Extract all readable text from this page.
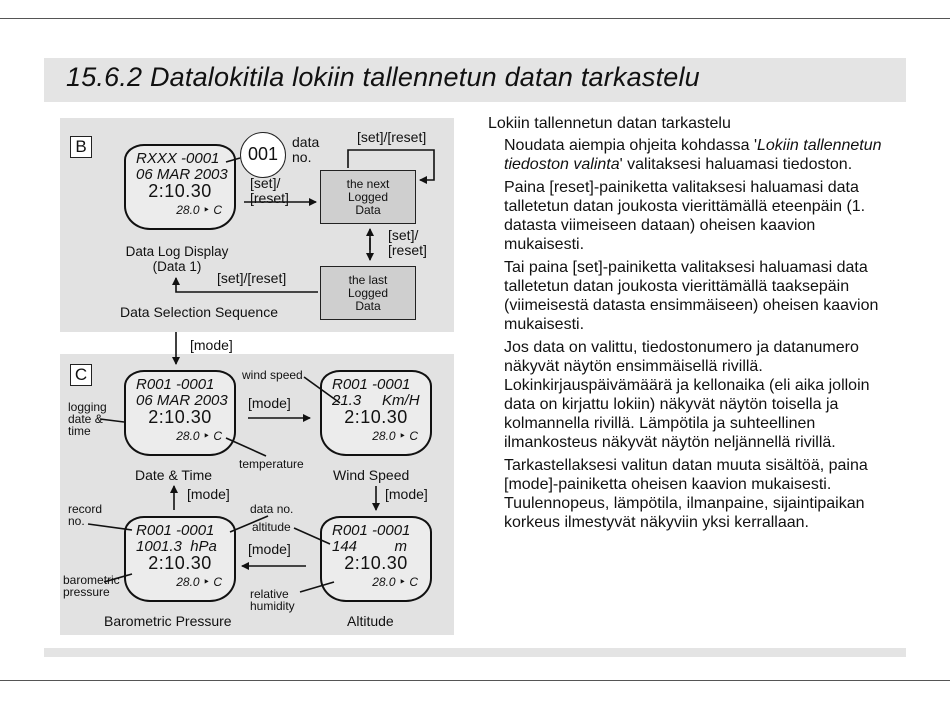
15.6.2 Datalokitila lokiin tallennetun datan tarkastelu
B
RXXX -0001
06 MAR 2003
2:10.30
28.0 ‣ C
001
data
no.
[set]/
[reset]
[set]/[reset]
[set]/
[reset]
[set]/[reset]
the next
Logged
Data
the last
Logged
Data
Data Log Display
(Data 1)
Data Selection Sequence
[mode]
C
R001 -0001
06 MAR 2003
2:10.30
28.0 ‣ C
R001 -0001
21.3     Km/H
2:10.30
28.0 ‣ C
R001 -0001
1001.3  hPa
2:10.30
28.0 ‣ C
R001 -0001
144         m
2:10.30
28.0 ‣ C
logging
date &
time
wind speed
temperature
record
no.
data no.
altitude
barometric
pressure	relative
humidity
[mode]
[mode]	[mode]
[mode]
Date & Time	Wind Speed
Barometric Pressure	Altitude
Lokiin tallennetun datan tarkastelu
Noudata aiempia ohjeita kohdassa 'Lokiin tallennetun tiedoston valinta' valitaksesi haluamasi tiedoston.
Paina [reset]-painiketta valitaksesi haluamasi data talletetun datan joukosta vierittämällä eteenpäin (1. datasta viimeiseen dataan) oheisen kaavion mukaisesti.
Tai paina [set]-painiketta valitaksesi haluamasi data talletetun datan joukosta vierittämällä taaksepäin (viimeisestä datasta ensimmäiseen) oheisen kaavion mukaisesti.
Jos data on valittu, tiedostonumero ja datanumero näkyvät näytön ensimmäisellä rivillä. Lokinkirjauspäivämäärä ja kellonaika (eli aika jolloin data on kirjattu lokiin) näkyvät näytön toisella ja kolmannella rivillä. Lämpötila ja suhteellinen ilmankosteus näkyvät näytön neljännellä rivillä.
Tarkastellaksesi valitun datan muuta sisältöä, paina [mode]-painiketta oheisen kaavion mukaisesti. Tuulennopeus, lämpötila, ilmanpaine, sijaintipaikan korkeus ilmestyvät näkyviin yksi kerrallaan.
